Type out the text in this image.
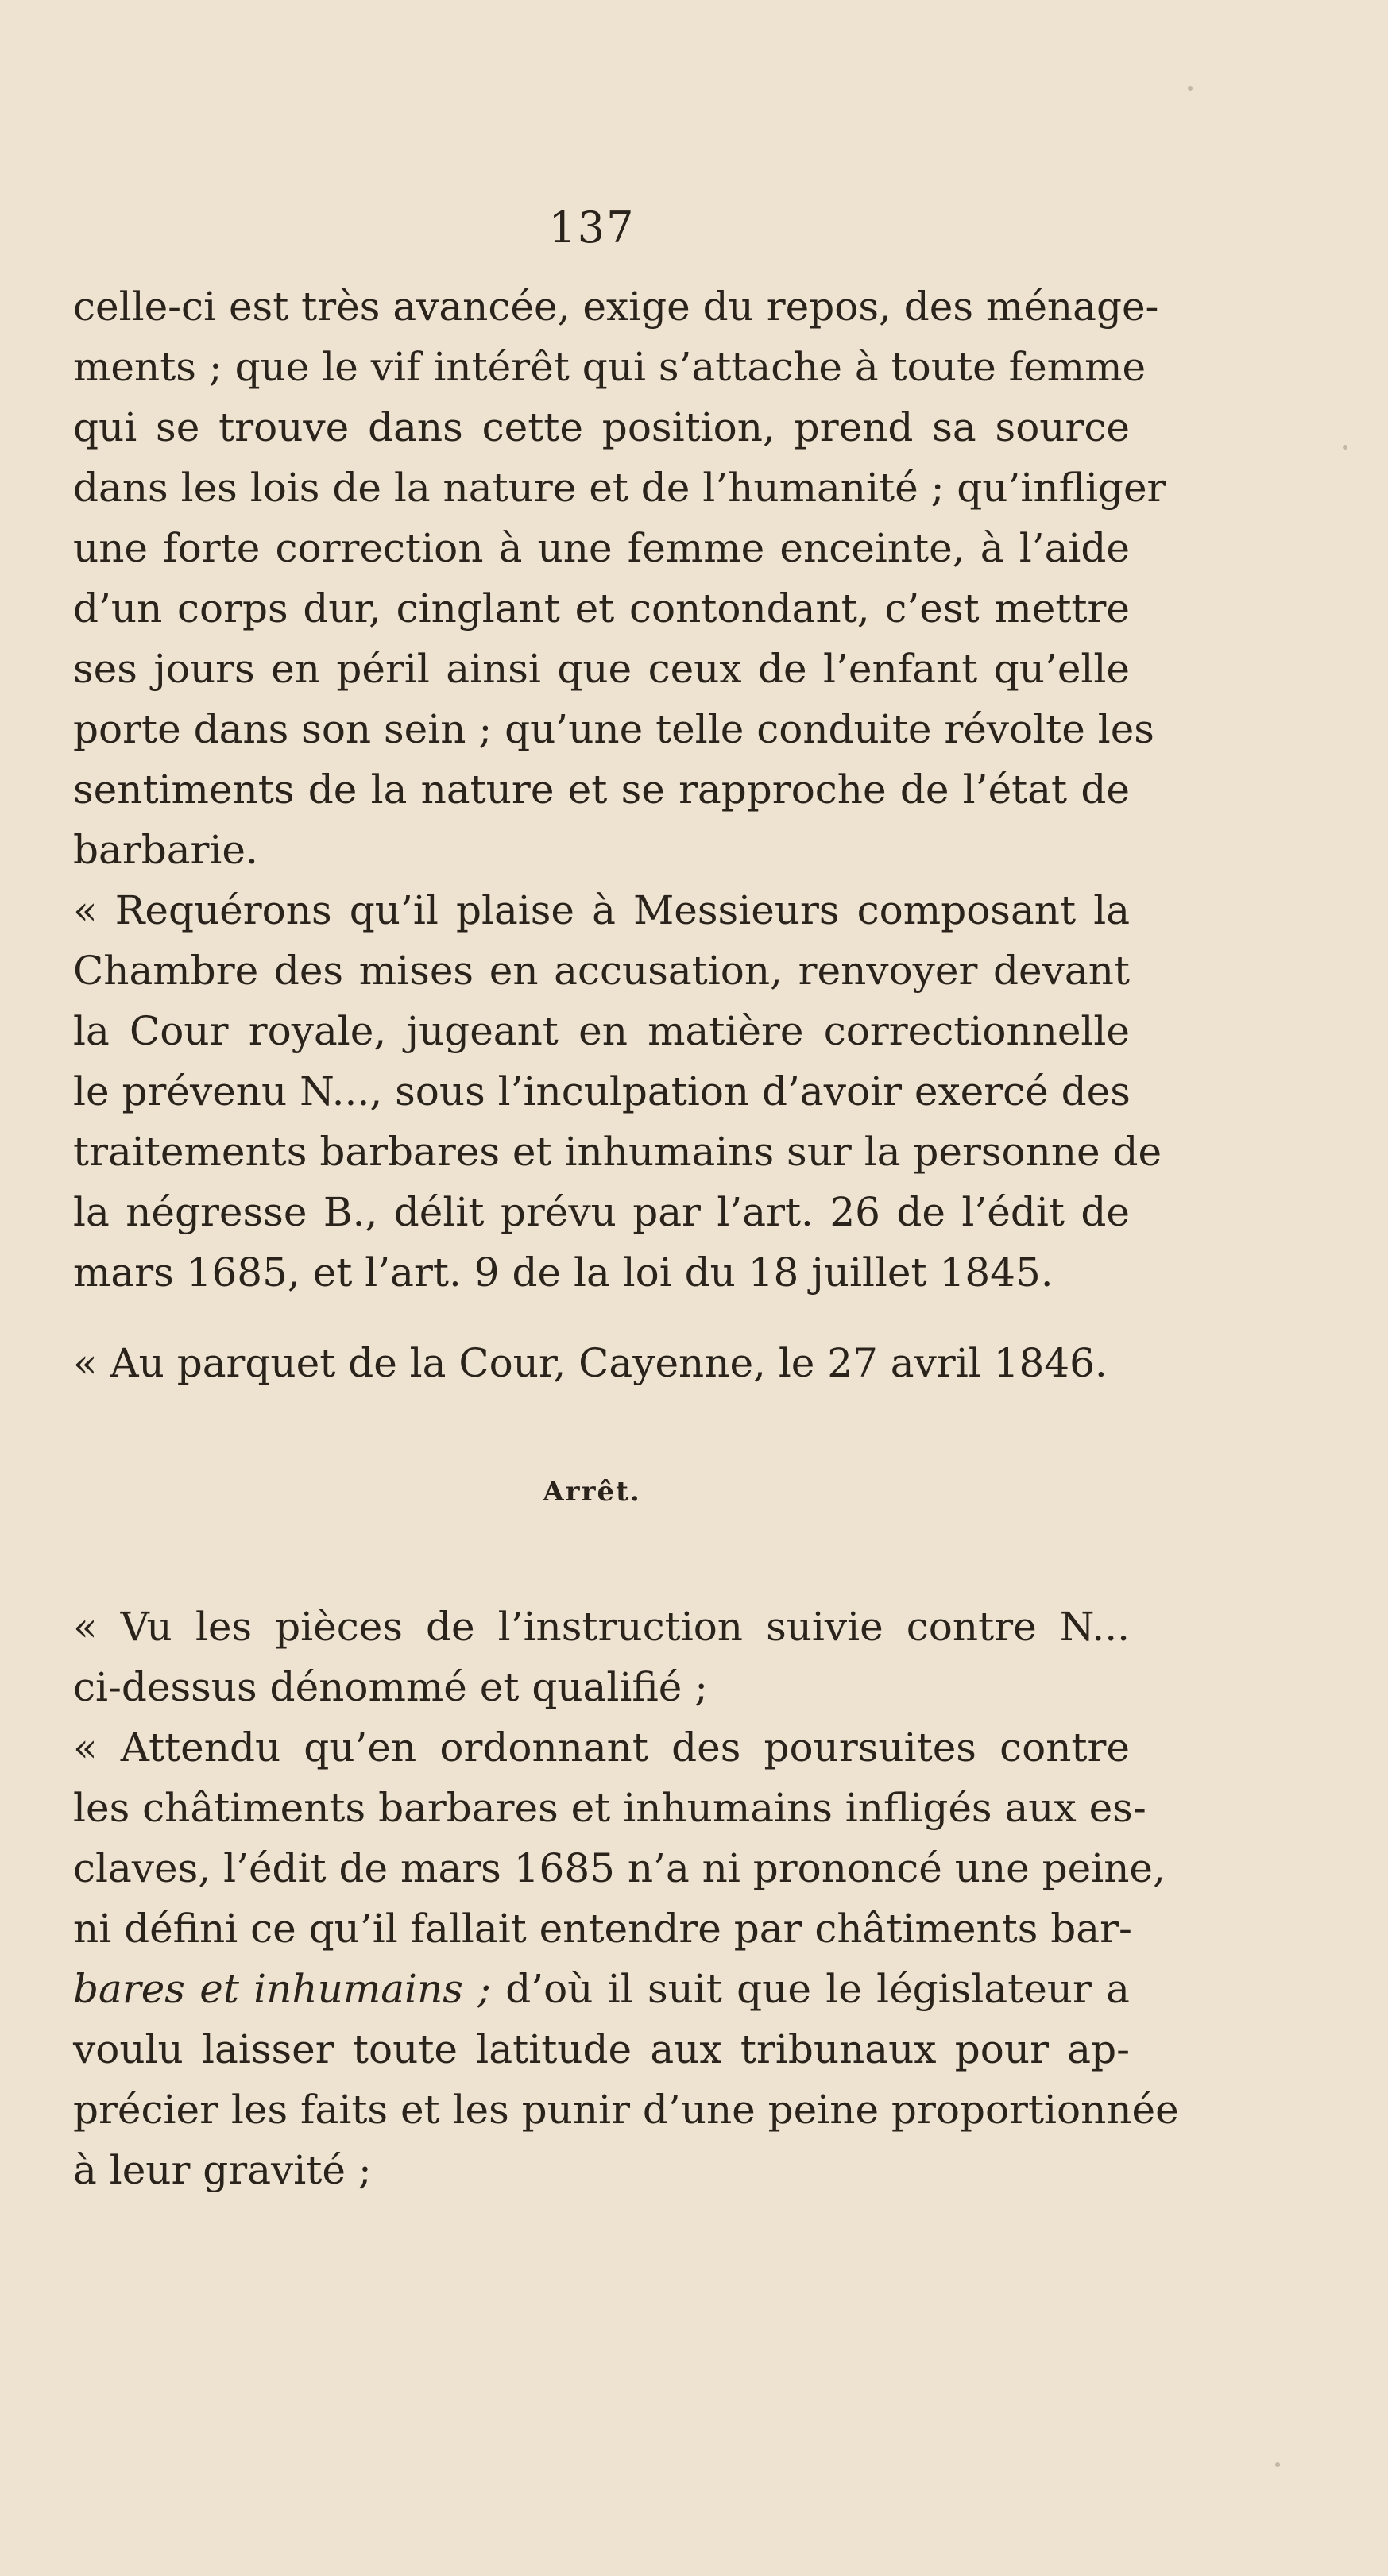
137
celle-ci est très avancée, exige du repos, des ménage-
ments ; que le vif intérêt qui s’attache à toute femme
qui se trouve dans cette position, prend sa source
dans les lois de la nature et de l’humanité ; qu’infliger
une forte correction à une femme enceinte, à l’aide
d’un corps dur, cinglant et contondant, c’est mettre
ses jours en péril ainsi que ceux de l’enfant qu’elle
porte dans son sein ; qu’une telle conduite révolte les
sentiments de la nature et se rapproche de l’état de
barbarie.
« Requérons qu’il plaise à Messieurs composant la
Chambre des mises en accusation, renvoyer devant
la Cour royale, jugeant en matière correctionnelle
le prévenu N..., sous l’inculpation d’avoir exercé des
traitements barbares et inhumains sur la personne de
la négresse B., délit prévu par l’art. 26 de l’édit de
mars 1685, et l’art. 9 de la loi du 18 juillet 1845.
« Au parquet de la Cour, Cayenne, le 27 avril 1846.
Arrêt.
« Vu les pièces de l’instruction suivie contre N...
ci-dessus dénommé et qualifié ;
« Attendu qu’en ordonnant des poursuites contre
les châtiments barbares et inhumains infligés aux es-
claves, l’édit de mars 1685 n’a ni prononcé une peine,
ni défini ce qu’il fallait entendre par châtiments bar-
bares et inhumains ; d’où il suit que le législateur a
voulu laisser toute latitude aux tribunaux pour ap-
précier les faits et les punir d’une peine proportionnée
à leur gravité ;
